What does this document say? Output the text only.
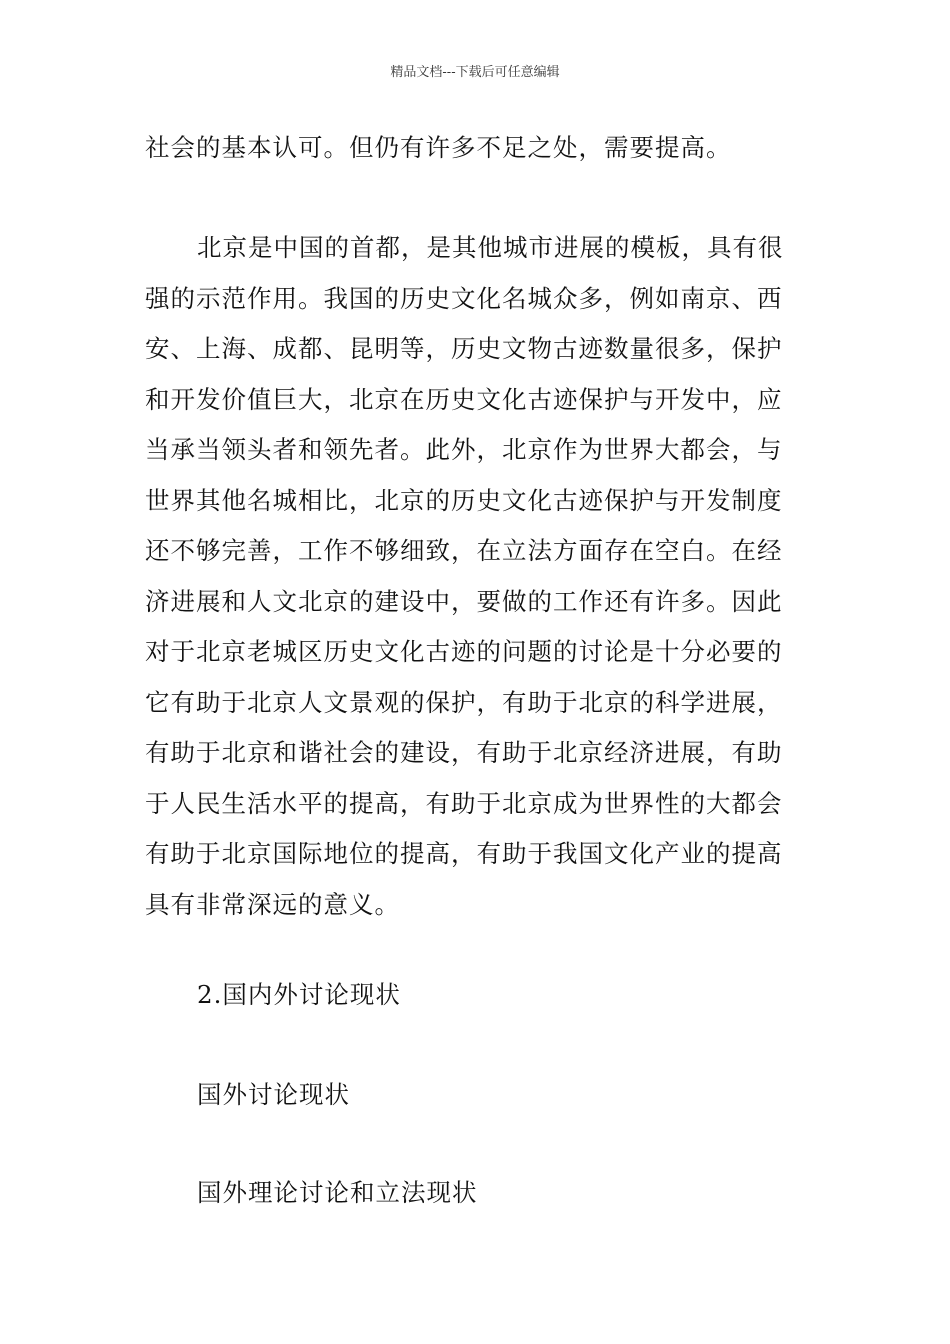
精品文档---下载后可任意编辑
社会的基本认可。但仍有许多不足之处，需要提高。
北京是中国的首都，是其他城市进展的模板，具有很
强的示范作用。我国的历史文化名城众多，例如南京、西
安、上海、成都、昆明等，历史文物古迹数量很多，保护
和开发价值巨大，北京在历史文化古迹保护与开发中，应
当承当领头者和领先者。此外，北京作为世界大都会，与
世界其他名城相比，北京的历史文化古迹保护与开发制度
还不够完善，工作不够细致，在立法方面存在空白。在经
济进展和人文北京的建设中，要做的工作还有许多。因此
对于北京老城区历史文化古迹的问题的讨论是十分必要的
它有助于北京人文景观的保护，有助于北京的科学进展，
有助于北京和谐社会的建设，有助于北京经济进展，有助
于人民生活水平的提高，有助于北京成为世界性的大都会
有助于北京国际地位的提高，有助于我国文化产业的提高
具有非常深远的意义。
2.国内外讨论现状
国外讨论现状
国外理论讨论和立法现状
